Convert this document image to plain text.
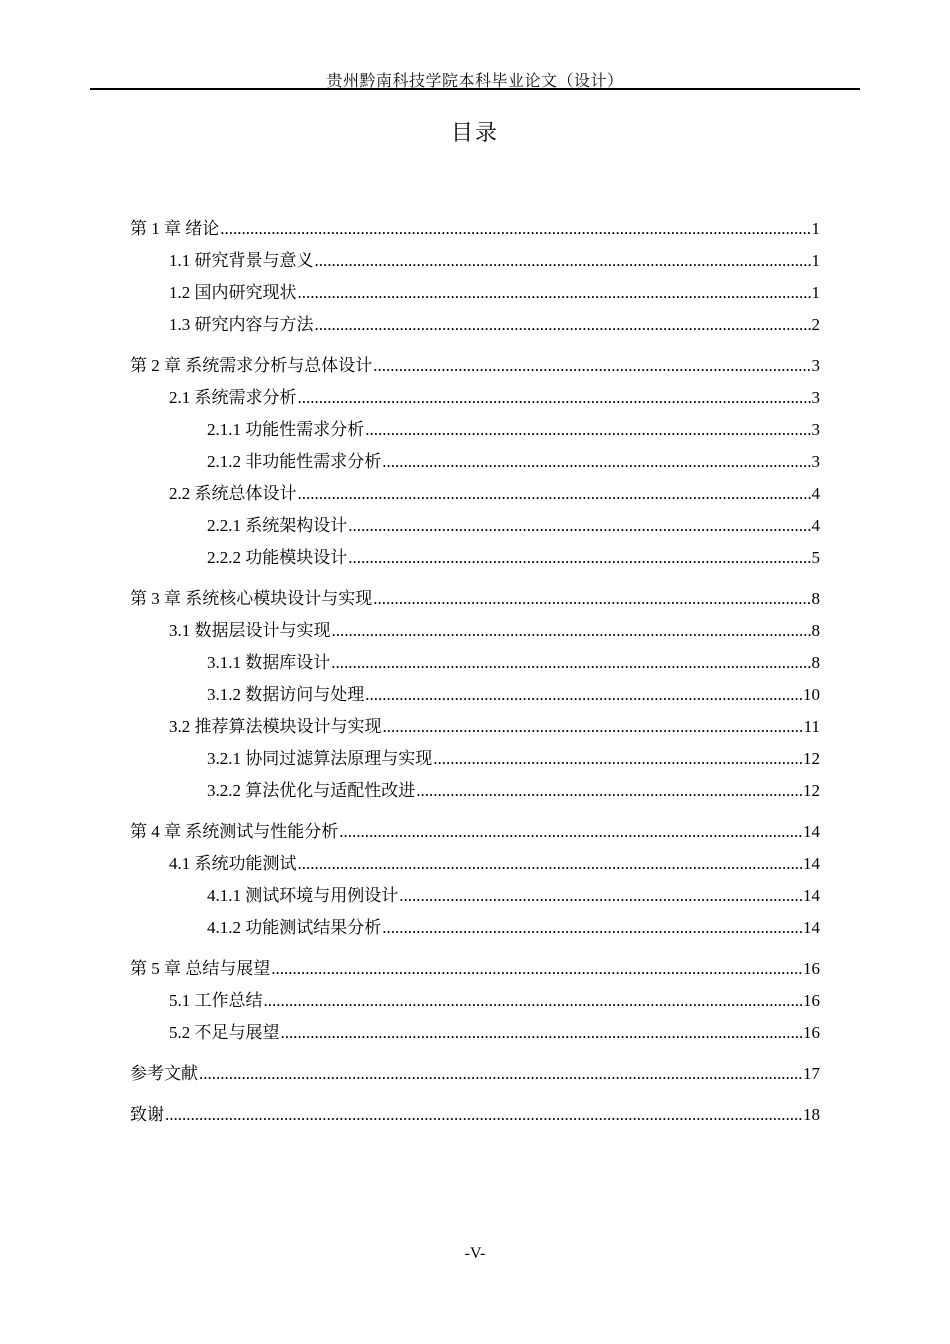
贵州黔南科技学院本科毕业论文（设计）
目录
第 1 章 绪论 .....	1
1.1 研究背景与意义 .....	1
1.2 国内研究现状 .....	1
1.3 研究内容与方法 .....	2
第 2 章 系统需求分析与总体设计 .....	3
2.1 系统需求分析 .....	3
2.1.1 功能性需求分析 .....	3
2.1.2 非功能性需求分析 .....	3
2.2 系统总体设计 .....	4
2.2.1 系统架构设计 .....	4
2.2.2 功能模块设计 .....	5
第 3 章 系统核心模块设计与实现 .....	8
3.1 数据层设计与实现 .....	8
3.1.1 数据库设计 .....	8
3.1.2 数据访问与处理 .....	10
3.2 推荐算法模块设计与实现 .....	11
3.2.1 协同过滤算法原理与实现 .....	12
3.2.2 算法优化与适配性改进 .....	12
第 4 章 系统测试与性能分析 .....	14
4.1 系统功能测试 .....	14
4.1.1 测试环境与用例设计 .....	14
4.1.2 功能测试结果分析 .....	14
第 5 章 总结与展望 .....	16
5.1 工作总结 .....	16
5.2 不足与展望 .....	16
参考文献 .....	17
致谢 .....	18
-V-
